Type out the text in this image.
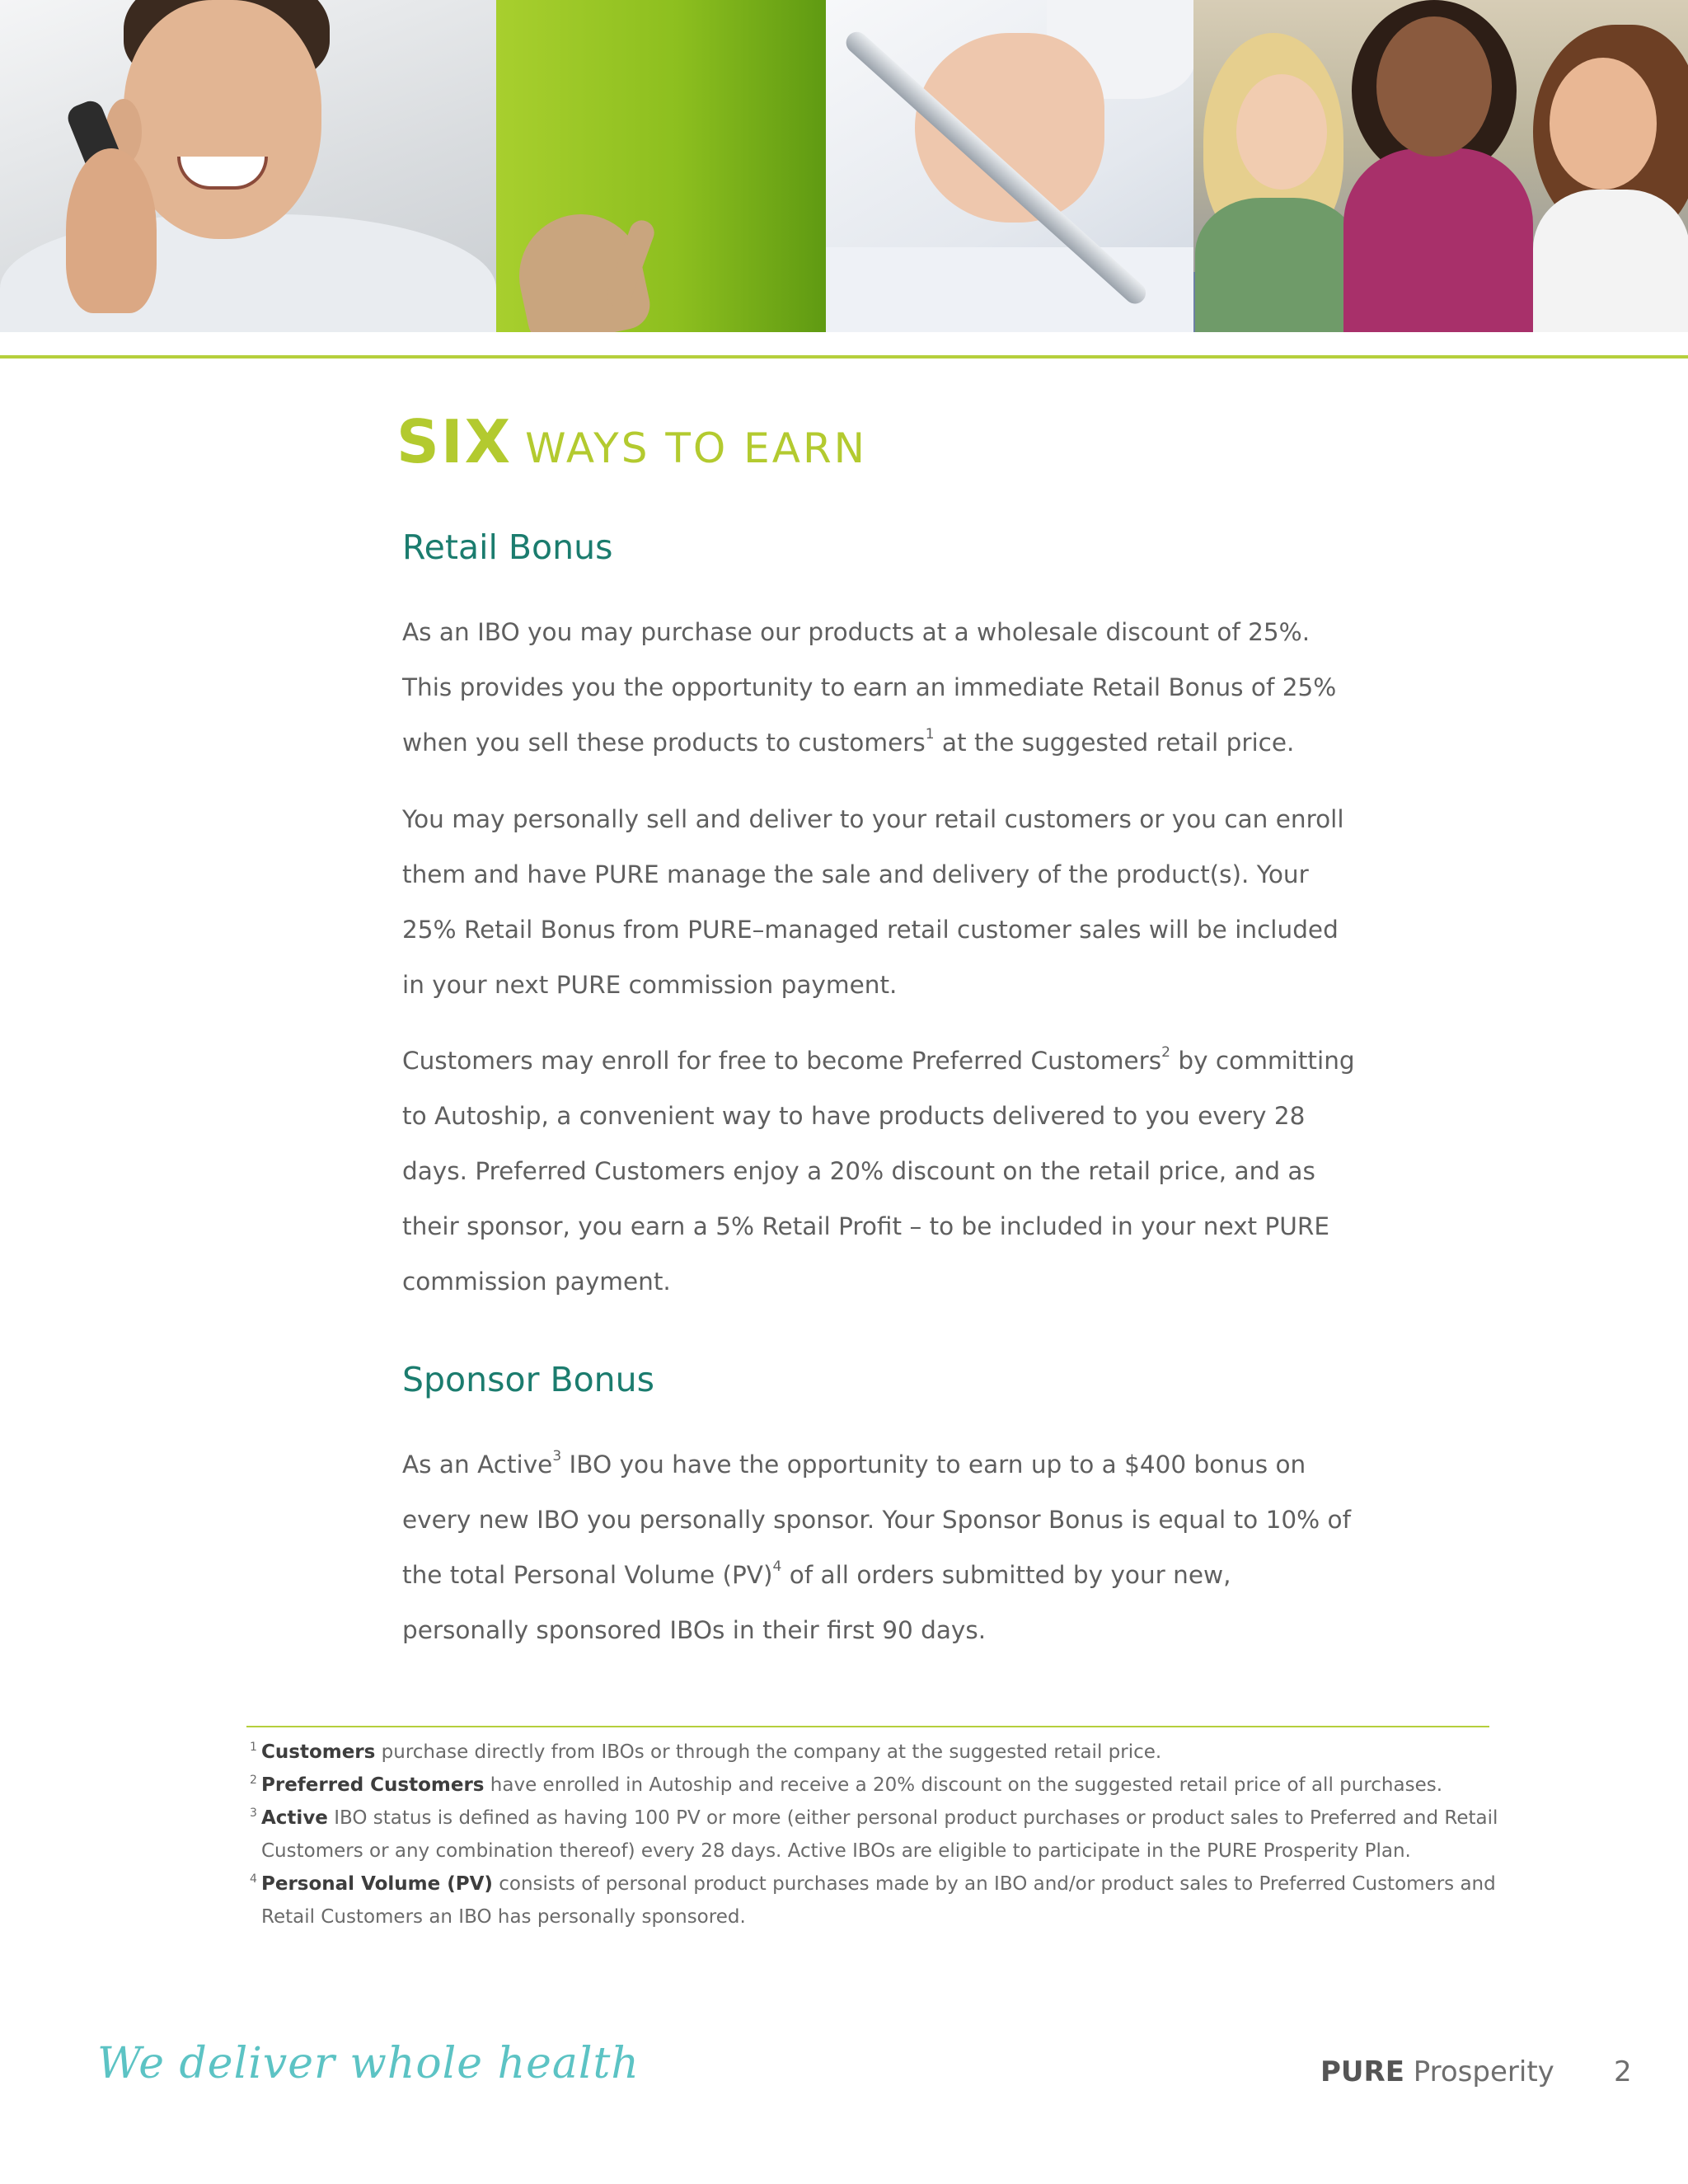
SIX WAYS TO EARN
Retail Bonus

As an IBO you may purchase our products at a wholesale discount of 25%. This provides you the opportunity to earn an immediate Retail Bonus of 25% when you sell these products to customers$^1$ at the suggested retail price.

You may personally sell and deliver to your retail customers or you can enroll them and have PURE manage the sale and delivery of the product(s). Your 25% Retail Bonus from PURE–managed retail customer sales will be included in your next PURE commission payment.

Customers may enroll for free to become Preferred Customers$^2$ by committing to Autoship, a convenient way to have products delivered to you every 28 days. Preferred Customers enjoy a 20% discount on the retail price, and as their sponsor, you earn a 5% Retail Profit – to be included in your next PURE commission payment.

Sponsor Bonus

As an Active$^3$ IBO you have the opportunity to earn up to a $400 bonus on every new IBO you personally sponsor. Your Sponsor Bonus is equal to 10% of the total Personal Volume (PV)$^4$ of all orders submitted by your new, personally sponsored IBOs in their first 90 days.

1 Customers purchase directly from IBOs or through the company at the suggested retail price.
2 Preferred Customers have enrolled in Autoship and receive a 20% discount on the suggested retail price of all purchases.
3 Active IBO status is defined as having 100 PV or more (either personal product purchases or product sales to Preferred and Retail Customers or any combination thereof) every 28 days. Active IBOs are eligible to participate in the PURE Prosperity Plan.
4 Personal Volume (PV) consists of personal product purchases made by an IBO and/or product sales to Preferred Customers and Retail Customers an IBO has personally sponsored.
We deliver whole health	PURE Prosperity 2
